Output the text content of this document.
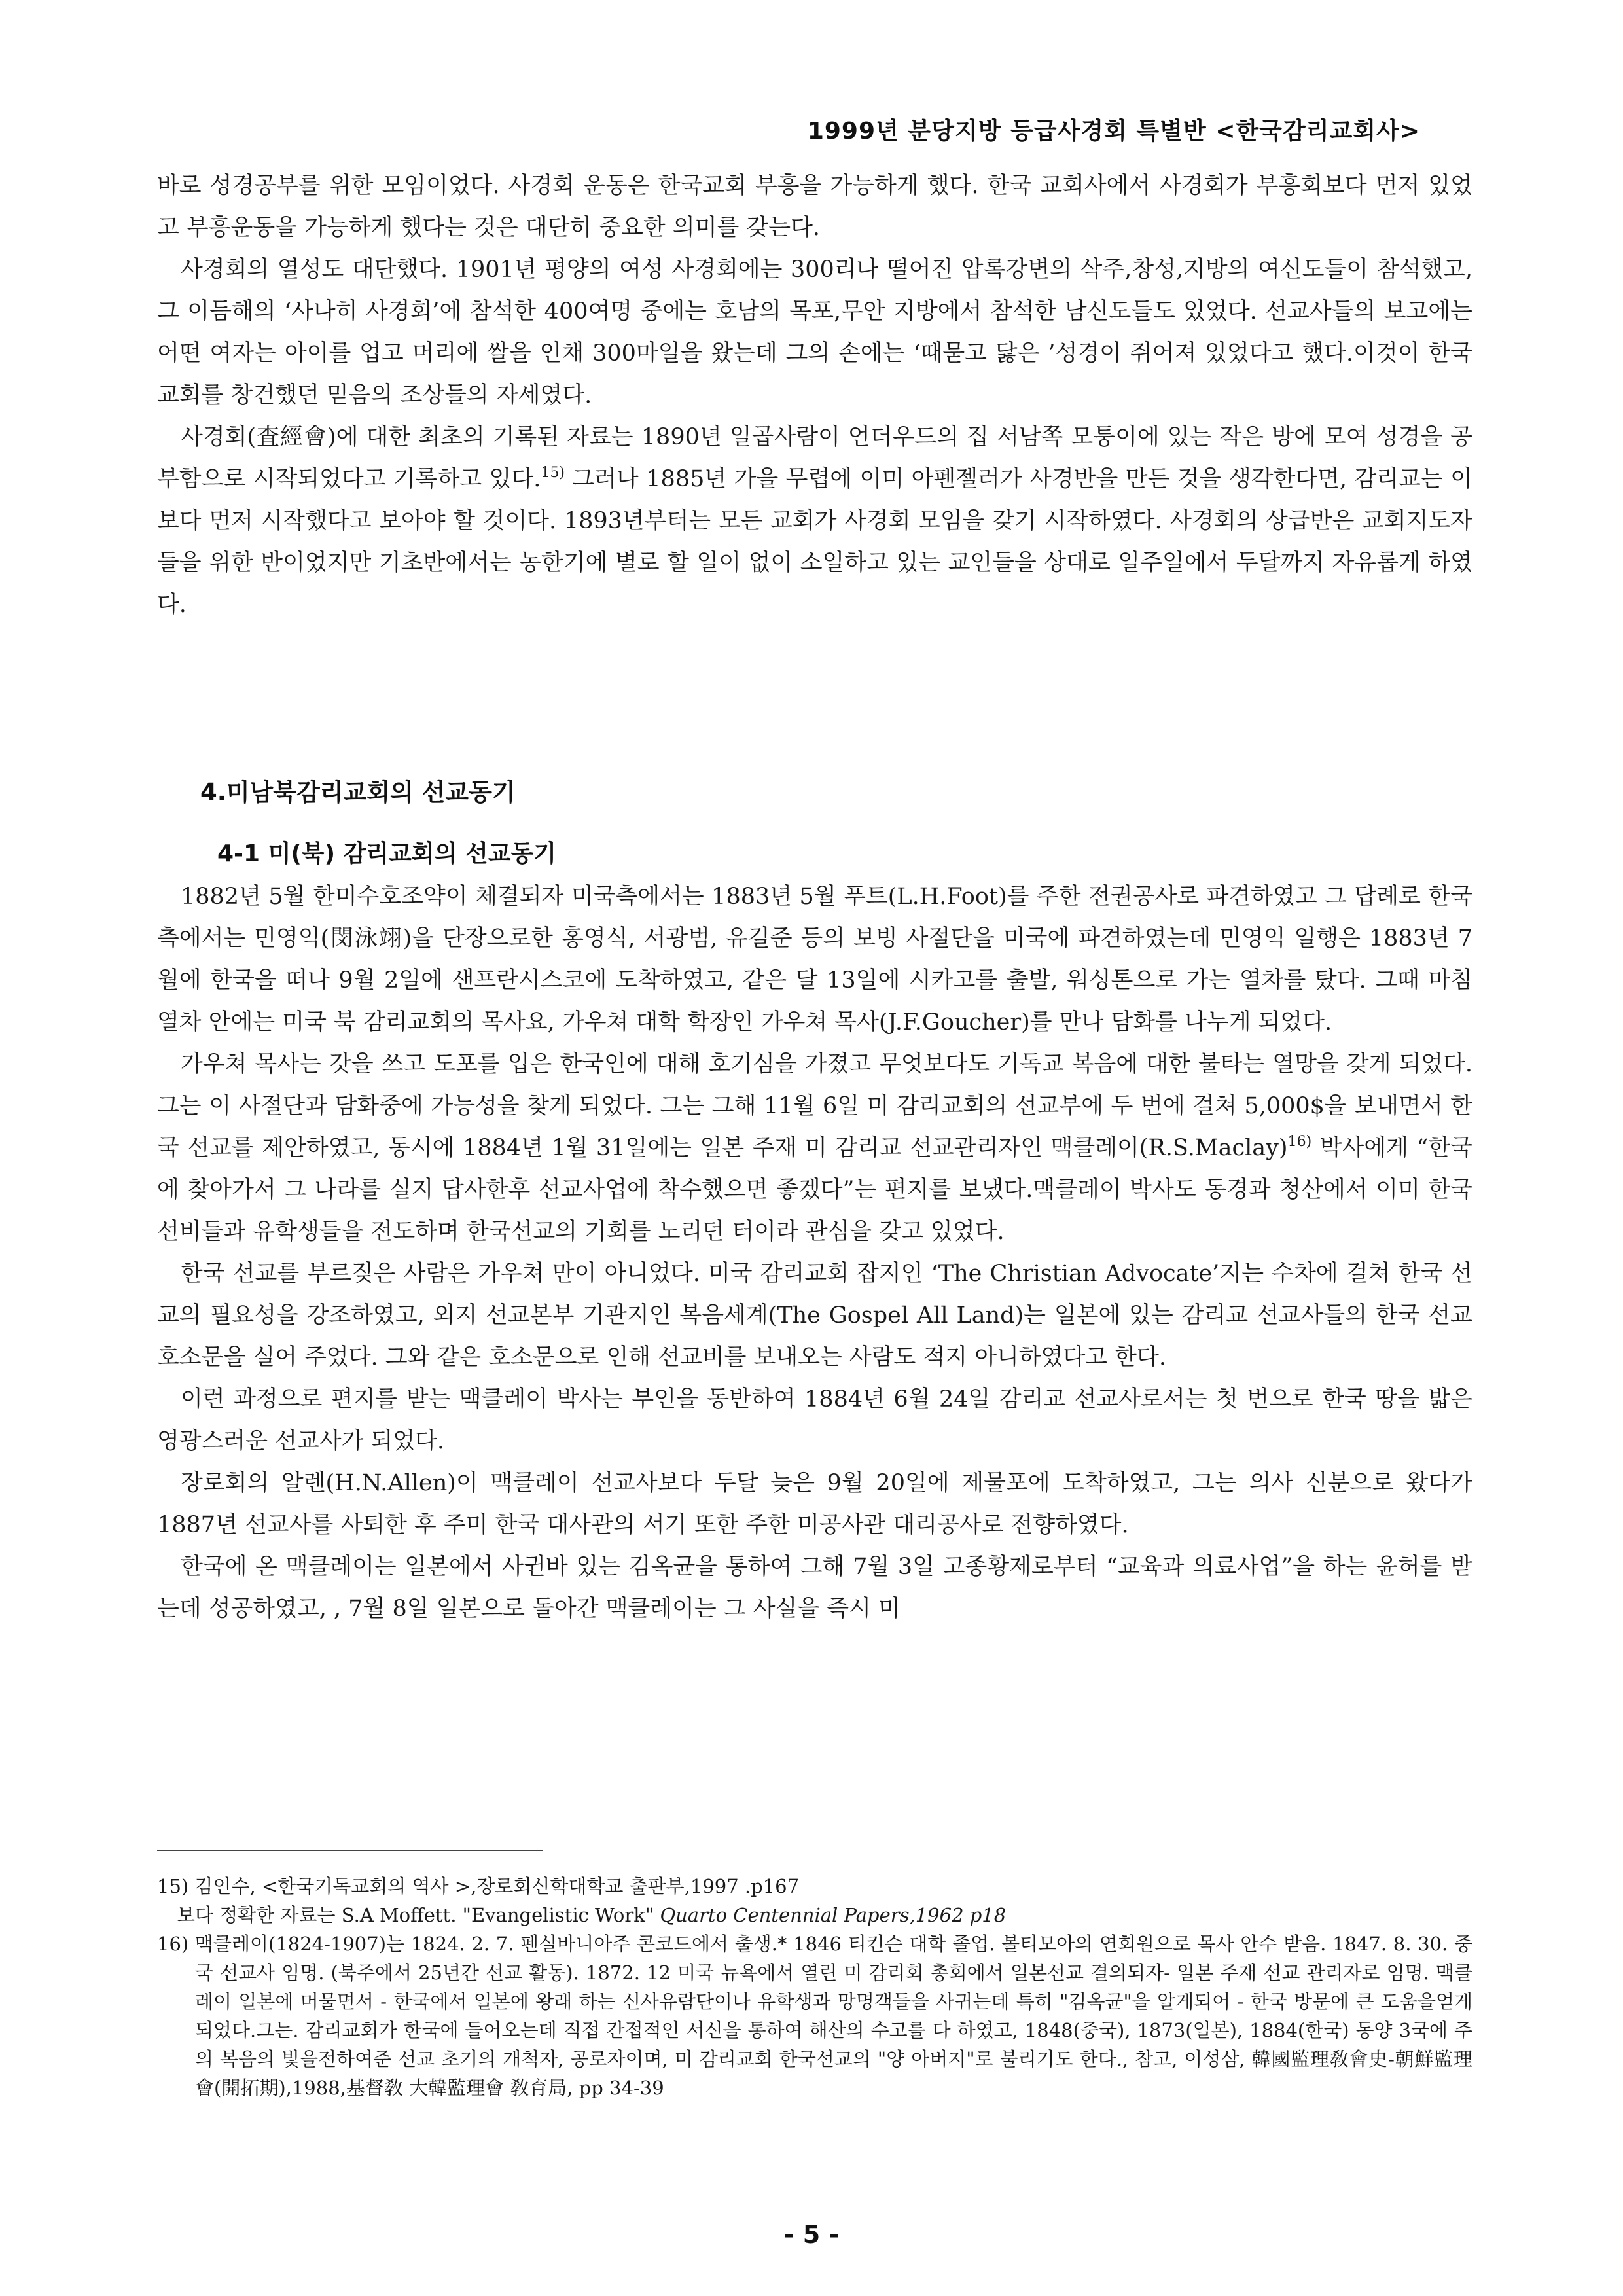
1999년 분당지방 등급사경회 특별반 <한국감리교회사>

바로 성경공부를 위한 모임이었다. 사경회 운동은 한국교회 부흥을 가능하게 했다. 한국 교회사에서 사경회가 부흥회보다 먼저 있었고 부흥운동을 가능하게 했다는 것은 대단히 중요한 의미를 갖는다.

사경회의 열성도 대단했다. 1901년 평양의 여성 사경회에는 300리나 떨어진 압록강변의 삭주,창성,지방의 여신도들이 참석했고, 그 이듬해의 ‘사나히 사경회’에 참석한 400여명 중에는 호남의 목포,무안 지방에서 참석한 남신도들도 있었다. 선교사들의 보고에는 어떤 여자는 아이를 업고 머리에 쌀을 인채 300마일을 왔는데 그의 손에는 ‘때묻고 닳은 ’성경이 쥐어져 있었다고 했다.이것이 한국교회를 창건했던 믿음의 조상들의 자세였다.

사경회(査經會)에 대한 최초의 기록된 자료는 1890년 일곱사람이 언더우드의 집 서남쪽 모퉁이에 있는 작은 방에 모여 성경을 공부함으로 시작되었다고 기록하고 있다.$^{15)}$ 그러나 1885년 가을 무렵에 이미 아펜젤러가 사경반을 만든 것을 생각한다면, 감리교는 이보다 먼저 시작했다고 보아야 할 것이다. 1893년부터는 모든 교회가 사경회 모임을 갖기 시작하였다. 사경회의 상급반은 교회지도자들을 위한 반이었지만 기초반에서는 농한기에 별로 할 일이 없이 소일하고 있는 교인들을 상대로 일주일에서 두달까지 자유롭게 하였다.

4.미남북감리교회의 선교동기
4-1 미(북) 감리교회의 선교동기

1882년 5월 한미수호조약이 체결되자 미국측에서는 1883년 5월 푸트(L.H.Foot)를 주한 전권공사로 파견하였고 그 답례로 한국측에서는 민영익(閔泳翊)을 단장으로한 홍영식, 서광범, 유길준 등의 보빙 사절단을 미국에 파견하였는데 민영익 일행은 1883년 7월에 한국을 떠나 9월 2일에 샌프란시스코에 도착하였고, 같은 달 13일에 시카고를 출발, 워싱톤으로 가는 열차를 탔다. 그때 마침 열차 안에는 미국 북 감리교회의 목사요, 가우쳐 대학 학장인 가우쳐 목사(J.F.Goucher)를 만나 담화를 나누게 되었다.

가우쳐 목사는 갓을 쓰고 도포를 입은 한국인에 대해 호기심을 가졌고 무엇보다도 기독교 복음에 대한 불타는 열망을 갖게 되었다. 그는 이 사절단과 담화중에 가능성을 찾게 되었다. 그는 그해 11월 6일 미 감리교회의 선교부에 두 번에 걸쳐 5,000$을 보내면서 한국 선교를 제안하였고, 동시에 1884년 1월 31일에는 일본 주재 미 감리교 선교관리자인 맥클레이(R.S.Maclay)$^{16)}$ 박사에게 “한국에 찾아가서 그 나라를 실지 답사한후 선교사업에 착수했으면 좋겠다”는 편지를 보냈다.맥클레이 박사도 동경과 청산에서 이미 한국 선비들과 유학생들을 전도하며 한국선교의 기회를 노리던 터이라 관심을 갖고 있었다.

한국 선교를 부르짖은 사람은 가우쳐 만이 아니었다. 미국 감리교회 잡지인 ‘The Christian Advocate’지는 수차에 걸쳐 한국 선교의 필요성을 강조하였고, 외지 선교본부 기관지인 복음세계(The Gospel All Land)는 일본에 있는 감리교 선교사들의 한국 선교 호소문을 실어 주었다. 그와 같은 호소문으로 인해 선교비를 보내오는 사람도 적지 아니하였다고 한다.

이런 과정으로 편지를 받는 맥클레이 박사는 부인을 동반하여 1884년 6월 24일 감리교 선교사로서는 첫 번으로 한국 땅을 밟은 영광스러운 선교사가 되었다.

장로회의 알렌(H.N.Allen)이 맥클레이 선교사보다 두달 늦은 9월 20일에 제물포에 도착하였고, 그는 의사 신분으로 왔다가 1887년 선교사를 사퇴한 후 주미 한국 대사관의 서기 또한 주한 미공사관 대리공사로 전향하였다.

한국에 온 맥클레이는 일본에서 사귄바 있는 김옥균을 통하여 그해 7월 3일 고종황제로부터 “교육과 의료사업”을 하는 윤허를 받는데 성공하였고, , 7월 8일 일본으로 돌아간 맥클레이는 그 사실을 즉시 미

15) 김인수, <한국기독교회의 역사 >,장로회신학대학교 출판부,1997 .p167

보다 정확한 자료는 S.A Moffett. "Evangelistic Work" Quarto Centennial Papers,1962 p18

16) 맥클레이(1824-1907)는 1824. 2. 7. 펜실바니아주 콘코드에서 출생.* 1846 티킨슨 대학 졸업. 볼티모아의 연회원으로 목사 안수 받음. 1847. 8. 30. 중국 선교사 임명. (북주에서 25년간 선교 활동). 1872. 12 미국 뉴욕에서 열린 미 감리회 총회에서 일본선교 결의되자- 일본 주재 선교 관리자로 임명. 맥클레이 일본에 머물면서 - 한국에서 일본에 왕래 하는 신사유람단이나 유학생과 망명객들을 사귀는데 특히 "김옥균"을 알게되어 - 한국 방문에 큰 도움을얻게 되었다.그는. 감리교회가 한국에 들어오는데 직접 간접적인 서신을 통하여 해산의 수고를 다 하였고, 1848(중국), 1873(일본), 1884(한국) 동양 3국에 주의 복음의 빛을전하여준 선교 초기의 개척자, 공로자이며, 미 감리교회 한국선교의 "양 아버지"로 불리기도 한다., 참고, 이성삼, 韓國監理敎會史-朝鮮監理會(開拓期),1988,基督敎 大韓監理會 敎育局, pp 34-39

- 5 -
